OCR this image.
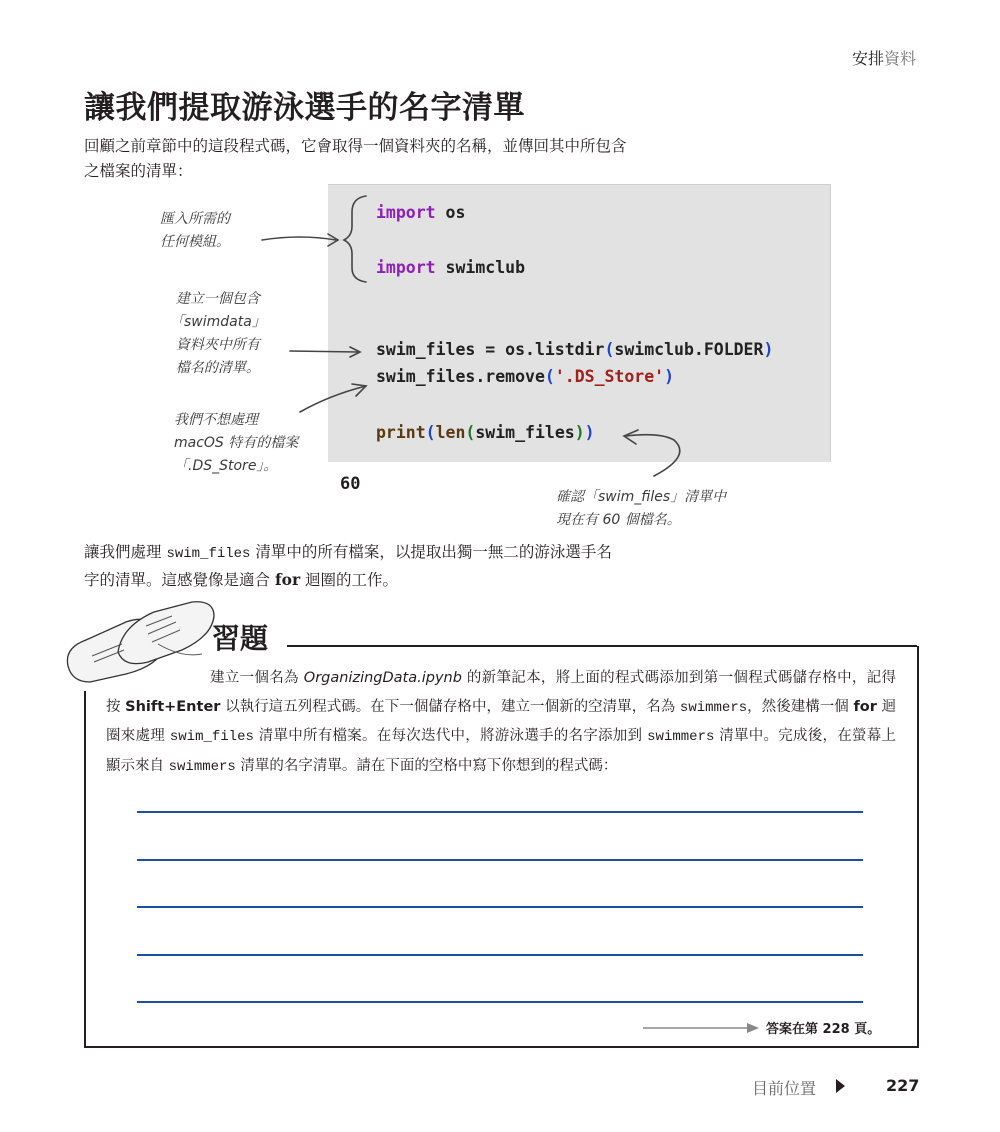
安排資料
讓我們提取游泳選手的名字清單
回顧之前章節中的這段程式碼，它會取得一個資料夾的名稱，並傳回其中所包含
之檔案的清單：
import os
import swimclub
swim_files = os.listdir(swimclub.FOLDER)
swim_files.remove('.DS_Store')
print(len(swim_files))
60
匯入所需的
任何模組。
建立一個包含
「swimdata」
資料夾中所有
檔名的清單。
我們不想處理
macOS 特有的檔案
「.DS_Store」。
確認「swim_files」清單中
現在有 60 個檔名。
讓我們處理 swim_files 清單中的所有檔案，以提取出獨一無二的游泳選手名
字的清單。這感覺像是適合 for 迴圈的工作。
習題
建立一個名為 OrganizingData.ipynb 的新筆記本，將上面的程式碼添加到第一個程式碼儲存格中，記得按 Shift+Enter 以執行這五列程式碼。在下一個儲存格中，建立一個新的空清單，名為 swimmers，然後建構一個 for 迴圈來處理 swim_files 清單中所有檔案。在每次迭代中，將游泳選手的名字添加到 swimmers 清單中。完成後，在螢幕上顯示來自 swimmers 清單的名字清單。請在下面的空格中寫下你想到的程式碼：
答案在第 228 頁。
目前位置	227
